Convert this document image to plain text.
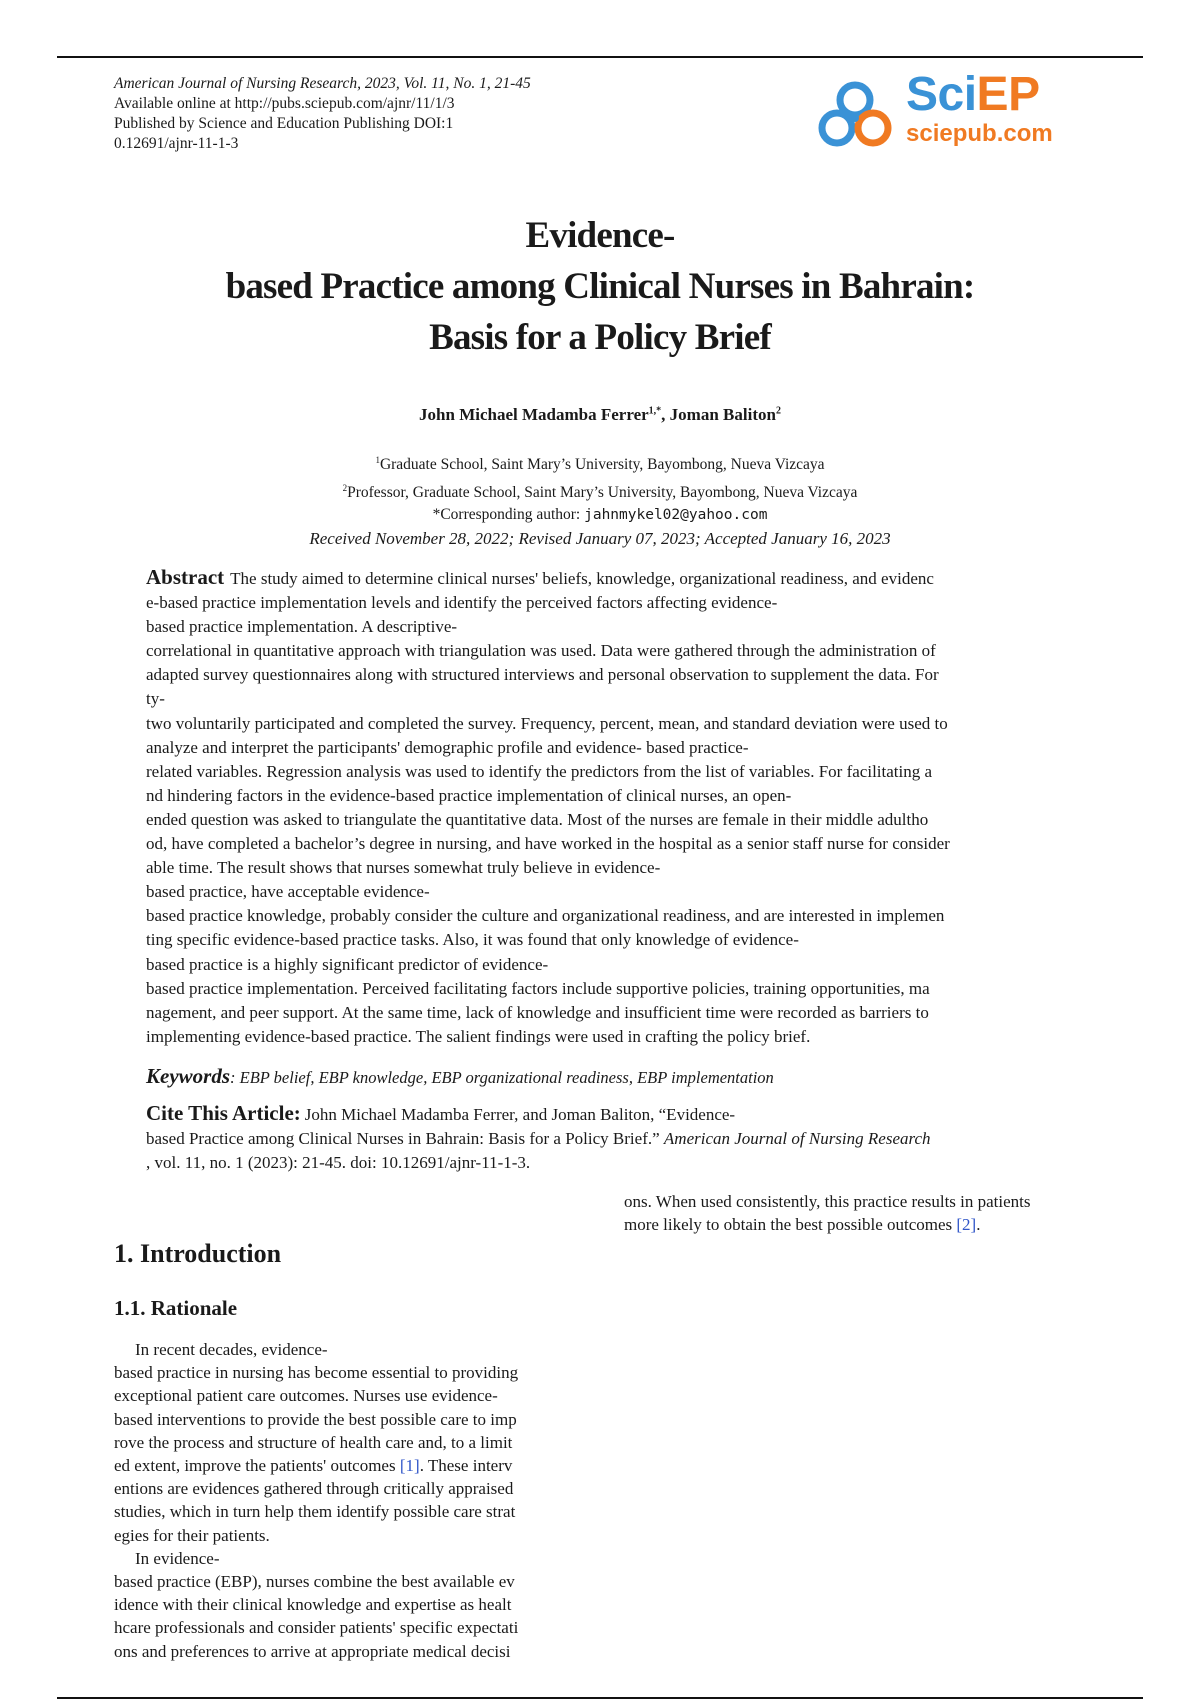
American Journal of Nursing Research, 2023, Vol. 11, No. 1, 21-45
Available online at http://pubs.sciepub.com/ajnr/11/1/3
Published by Science and Education Publishing DOI:1
0.12691/ajnr-11-1-3
SciEP
sciepub.com
Evidence-
based Practice among Clinical Nurses in Bahrain:
Basis for a Policy Brief
John Michael Madamba Ferrer$^{1,*}$, Joman Baliton$^2$
$^1$Graduate School, Saint Mary’s University, Bayombong, Nueva Vizcaya
$^2$Professor, Graduate School, Saint Mary’s University, Bayombong, Nueva Vizcaya
*Corresponding author: jahnmykel02@yahoo.com
Received November 28, 2022; Revised January 07, 2023; Accepted January 16, 2023
Abstract The study aimed to determine clinical nurses' beliefs, knowledge, organizational readiness, and evidenc
e-based practice implementation levels and identify the perceived factors affecting evidence-
based practice implementation. A descriptive-
correlational in quantitative approach with triangulation was used. Data were gathered through the administration of
adapted survey questionnaires along with structured interviews and personal observation to supplement the data. For
ty-
two voluntarily participated and completed the survey. Frequency, percent, mean, and standard deviation were used to
analyze and interpret the participants' demographic profile and evidence- based practice-
related variables. Regression analysis was used to identify the predictors from the list of variables. For facilitating a
nd hindering factors in the evidence-based practice implementation of clinical nurses, an open-
ended question was asked to triangulate the quantitative data. Most of the nurses are female in their middle adultho
od, have completed a bachelor’s degree in nursing, and have worked in the hospital as a senior staff nurse for consider
able time. The result shows that nurses somewhat truly believe in evidence-
based practice, have acceptable evidence-
based practice knowledge, probably consider the culture and organizational readiness, and are interested in implemen
ting specific evidence-based practice tasks. Also, it was found that only knowledge of evidence-
based practice is a highly significant predictor of evidence-
based practice implementation. Perceived facilitating factors include supportive policies, training opportunities, ma
nagement, and peer support. At the same time, lack of knowledge and insufficient time were recorded as barriers to
implementing evidence-based practice. The salient findings were used in crafting the policy brief.
Keywords: EBP belief, EBP knowledge, EBP organizational readiness, EBP implementation
Cite This Article: John Michael Madamba Ferrer, and Joman Baliton, “Evidence-
based Practice among Clinical Nurses in Bahrain: Basis for a Policy Brief.” American Journal of Nursing Research
, vol. 11, no. 1 (2023): 21-45. doi: 10.12691/ajnr-11-1-3.
ons. When used consistently, this practice results in patients
more likely to obtain the best possible outcomes [2].
1. Introduction
1.1. Rationale
In recent decades, evidence-
based practice in nursing has become essential to providing
exceptional patient care outcomes. Nurses use evidence-
based interventions to provide the best possible care to imp
rove the process and structure of health care and, to a limit
ed extent, improve the patients' outcomes [1]. These interv
entions are evidences gathered through critically appraised
studies, which in turn help them identify possible care strat
egies for their patients.
In evidence-
based practice (EBP), nurses combine the best available ev
idence with their clinical knowledge and expertise as healt
hcare professionals and consider patients' specific expectati
ons and preferences to arrive at appropriate medical decisi
